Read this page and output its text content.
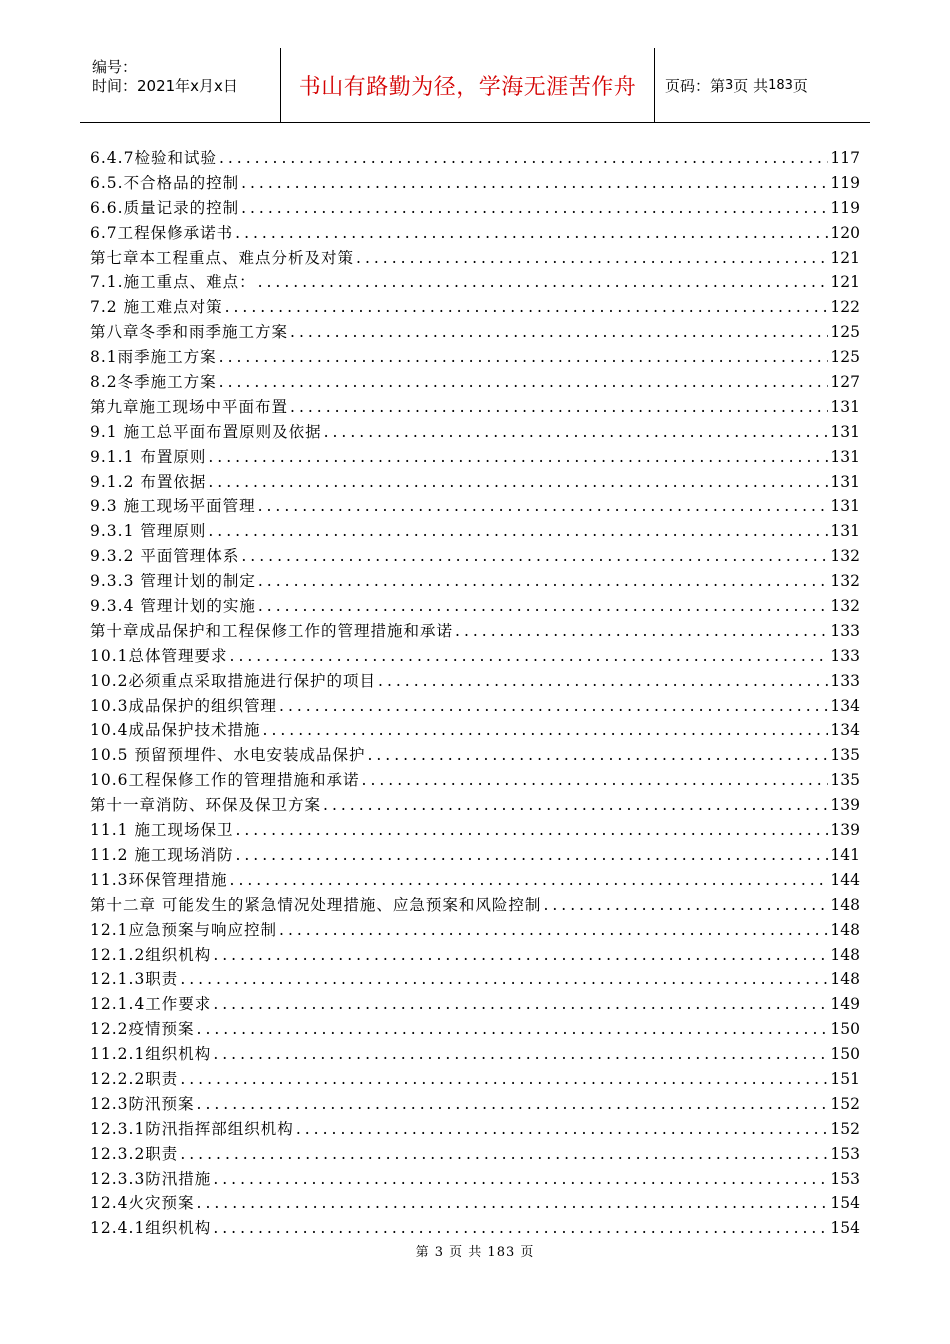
编号：
时间：2021年x月x日	书山有路勤为径，学海无涯苦作舟	页码：第 3 页 共 183 页
6.4.7检验和试验 .....	117
6.5.不合格品的控制 .....	119
6.6.质量记录的控制 .....	119
6.7工程保修承诺书 .....	120
第七章本工程重点、难点分析及对策 .....	121
7.1.施工重点、难点： .....	121
7.2 施工难点对策 .....	122
第八章冬季和雨季施工方案 .....	125
8.1雨季施工方案 .....	125
8.2冬季施工方案 .....	127
第九章施工现场中平面布置 .....	131
9.1 施工总平面布置原则及依据 .....	131
9.1.1 布置原则 .....	131
9.1.2 布置依据 .....	131
9.3 施工现场平面管理 .....	131
9.3.1 管理原则 .....	131
9.3.2 平面管理体系 .....	132
9.3.3 管理计划的制定 .....	132
9.3.4 管理计划的实施 .....	132
第十章成品保护和工程保修工作的管理措施和承诺 .....	133
10.1总体管理要求 .....	133
10.2必须重点采取措施进行保护的项目 .....	133
10.3成品保护的组织管理 .....	134
10.4成品保护技术措施 .....	134
10.5 预留预埋件、水电安装成品保护 .....	135
10.6工程保修工作的管理措施和承诺 .....	135
第十一章消防、环保及保卫方案 .....	139
11.1 施工现场保卫 .....	139
11.2 施工现场消防 .....	141
11.3环保管理措施 .....	144
第十二章 可能发生的紧急情况处理措施、应急预案和风险控制 .....	148
12.1应急预案与响应控制 .....	148
12.1.2组织机构 .....	148
12.1.3职责 .....	148
12.1.4工作要求 .....	149
12.2疫情预案 .....	150
11.2.1组织机构 .....	150
12.2.2职责 .....	151
12.3防汛预案 .....	152
12.3.1防汛指挥部组织机构 .....	152
12.3.2职责 .....	153
12.3.3防汛措施 .....	153
12.4火灾预案 .....	154
12.4.1组织机构 .....	154
第 3 页 共 183 页
